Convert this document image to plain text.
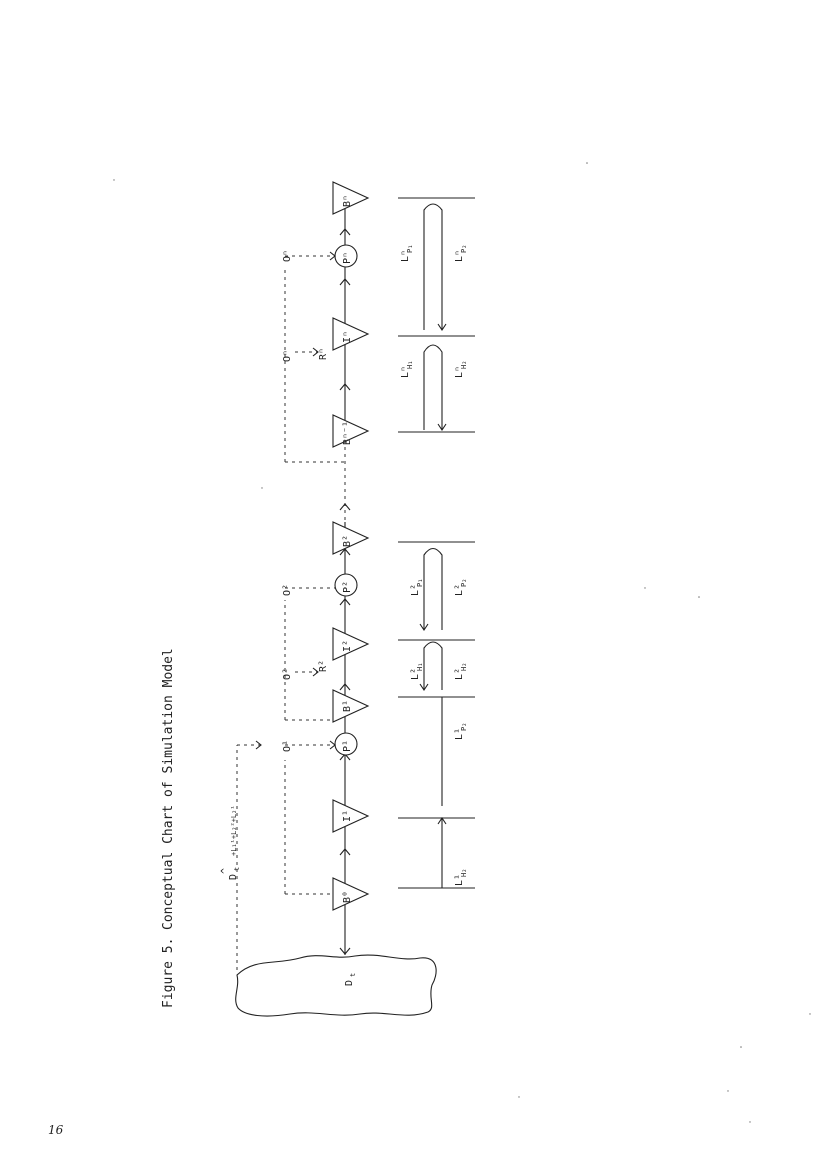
D
t
B⁰
I¹
B¹
I²
B²
Bⁿ⁻¹
Iⁿ
Bⁿ
P¹
P²
Pⁿ
O¹
O²
R²
O²
Oⁿ	Rⁿ
Oⁿ
D
t
+L₁¹+L₂²+L₂¹
^
L¹
H₂
L¹
P₂
L²
H₁
L²
H₂
L²
P₁
L²
P₂
Lⁿ
H₁
Lⁿ
H₂
Lⁿ
P₁
Lⁿ
P₂
Figure 5.
Conceptual Chart of Simulation Model
16
